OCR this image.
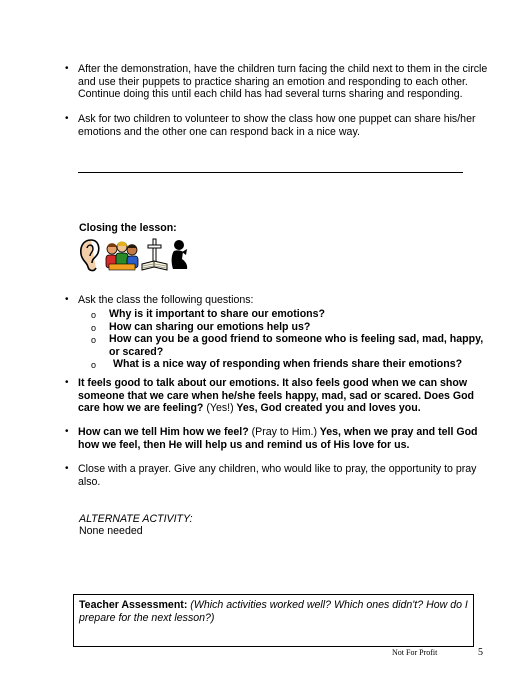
• After the demonstration, have the children turn facing the child next to them in the circle and use their puppets to practice sharing an emotion and responding to each other. Continue doing this until each child has had several turns sharing and responding.
• Ask for two children to volunteer to show the class how one puppet can share his/her emotions and the other one can respond back in a nice way.
Closing the lesson:
• Ask the class the following questions:
o Why is it important to share our emotions?
o How can sharing our emotions help us?
o How can you be a good friend to someone who is feeling sad, mad, happy, or scared?
o What is a nice way of responding when friends share their emotions?
• It feels good to talk about our emotions. It also feels good when we can show someone that we care when he/she feels happy, mad, sad or scared. Does God care how we are feeling? (Yes!) Yes, God created you and loves you.
• How can we tell Him how we feel? (Pray to Him.) Yes, when we pray and tell God how we feel, then He will help us and remind us of His love for us.
• Close with a prayer. Give any children, who would like to pray, the opportunity to pray also.
ALTERNATE ACTIVITY:
None needed
Teacher Assessment: (Which activities worked well? Which ones didn't? How do I prepare for the next lesson?)
Not For Profit	5
